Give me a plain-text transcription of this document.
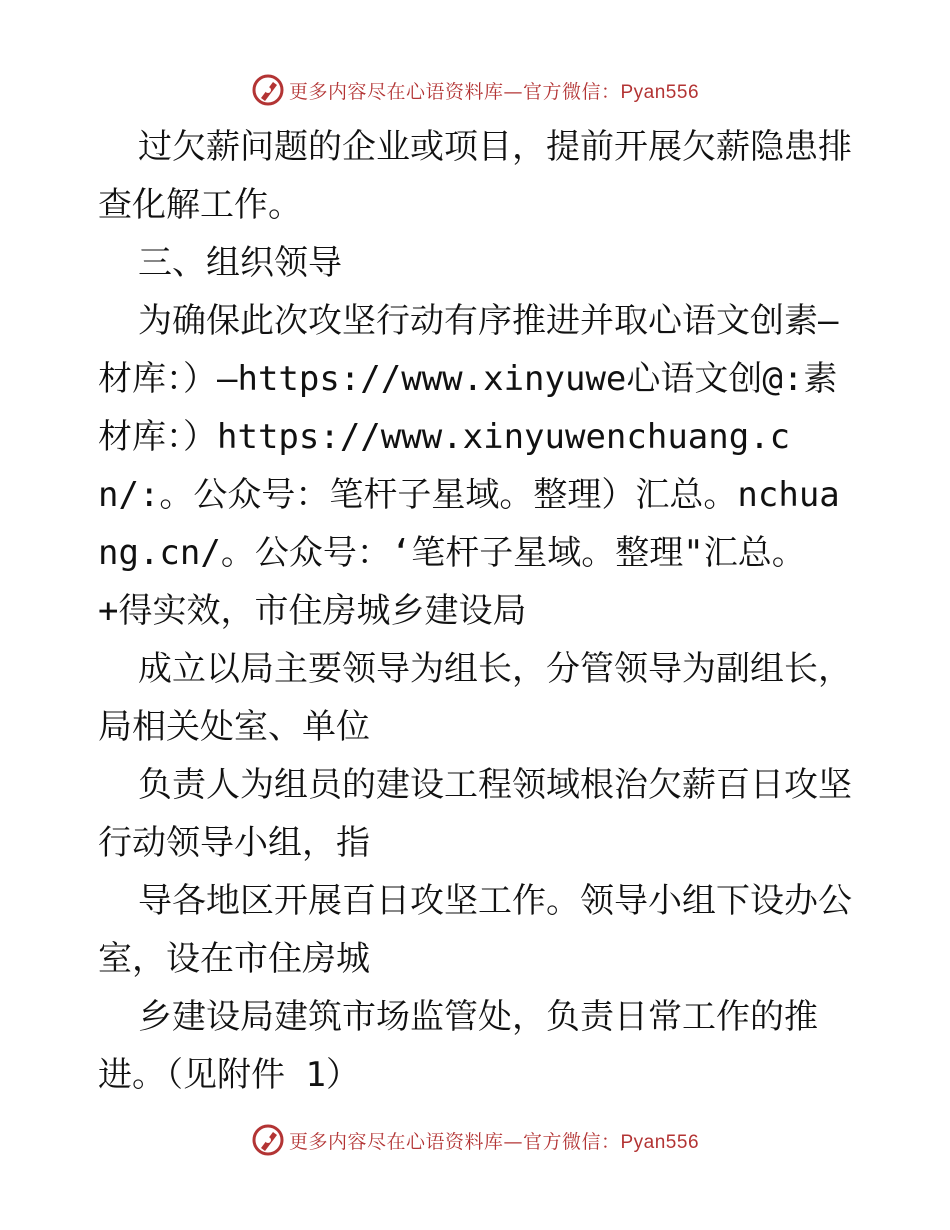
更多内容尽在心语资料库—官方微信：Pyan556

过欠薪问题的企业或项目，提前开展欠薪隐患排查化解工作。

三、组织领导

为确保此次攻坚行动有序推进并取心语文创素—材库：）—https://www.xinyuwe心语文创@:素材库：）https://www.xinyuwenchuang.cn/:。公众号：笔杆子星域。整理）汇总。nchuang.cn/。公众号：‘笔杆子星域。整理"汇总。+得实效，市住房城乡建设局

成立以局主要领导为组长，分管领导为副组长，局相关处室、单位

负责人为组员的建设工程领域根治欠薪百日攻坚行动领导小组，指

导各地区开展百日攻坚工作。领导小组下设办公室，设在市住房城

乡建设局建筑市场监管处，负责日常工作的推进。（见附件 1）

更多内容尽在心语资料库—官方微信：Pyan556
